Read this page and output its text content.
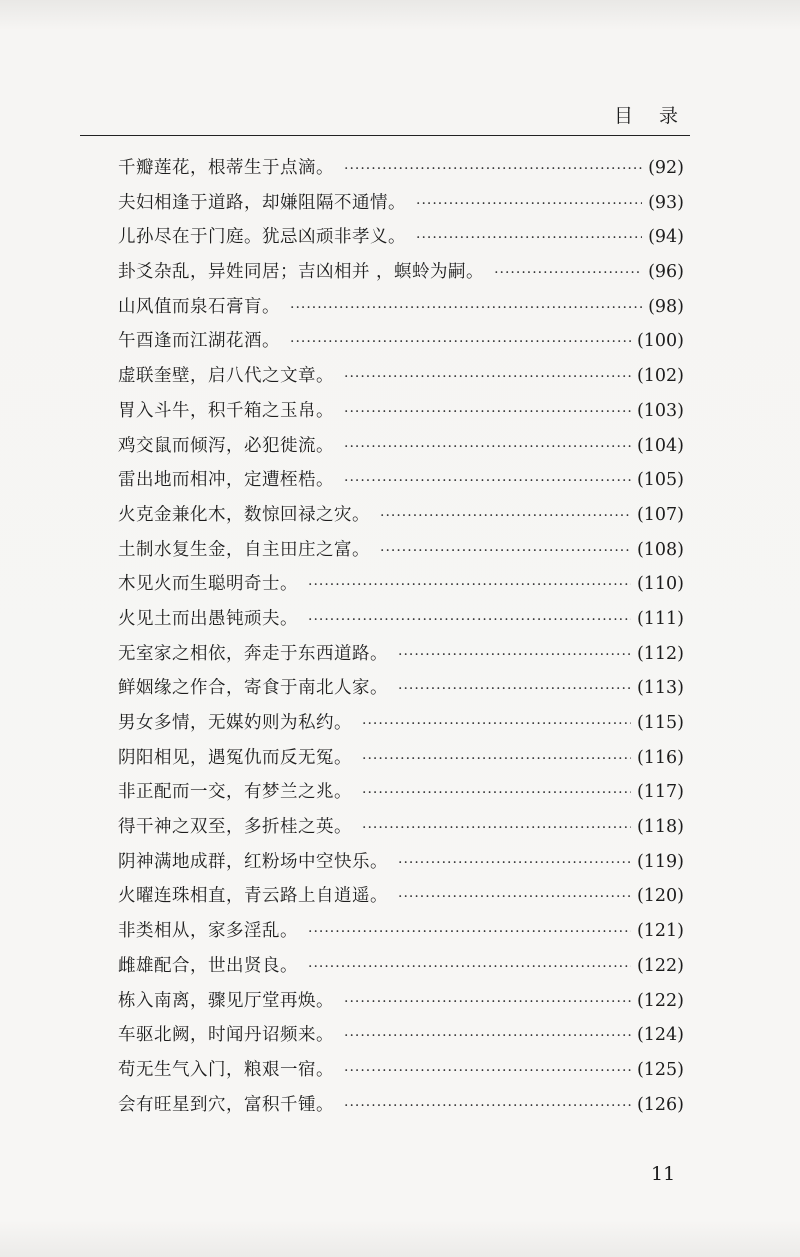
目 录
千瓣莲花，根蒂生于点滴。 ·····	(92)
夫妇相逢于道路，却嫌阻隔不通情。 ·····	(93)
儿孙尽在于门庭。犹忌凶顽非孝义。 ·····	(94)
卦爻杂乱，异姓同居；吉凶相并 ，螟蛉为嗣。 ·····	(96)
山风值而泉石膏肓。 ·····	(98)
午酉逢而江湖花酒。 ·····	(100)
虚联奎壁，启八代之文章。 ·····	(102)
胃入斗牛，积千箱之玉帛。 ·····	(103)
鸡交鼠而倾泻，必犯徙流。 ·····	(104)
雷出地而相冲，定遭桎梏。 ·····	(105)
火克金兼化木，数惊回禄之灾。 ·····	(107)
土制水复生金，自主田庄之富。 ·····	(108)
木见火而生聪明奇士。 ·····	(110)
火见土而出愚钝顽夫。 ·····	(111)
无室家之相依，奔走于东西道路。 ·····	(112)
鲜姻缘之作合，寄食于南北人家。 ·····	(113)
男女多情，无媒妁则为私约。 ·····	(115)
阴阳相见，遇冤仇而反无冤。 ·····	(116)
非正配而一交，有梦兰之兆。 ·····	(117)
得干神之双至，多折桂之英。 ·····	(118)
阴神满地成群，红粉场中空快乐。 ·····	(119)
火曜连珠相直，青云路上自逍遥。 ·····	(120)
非类相从，家多淫乱。 ·····	(121)
雌雄配合，世出贤良。 ·····	(122)
栋入南离，骤见厅堂再焕。 ·····	(122)
车驱北阙，时闻丹诏频来。 ·····	(124)
苟无生气入门，粮艰一宿。 ·····	(125)
会有旺星到穴，富积千锺。 ·····	(126)
11
